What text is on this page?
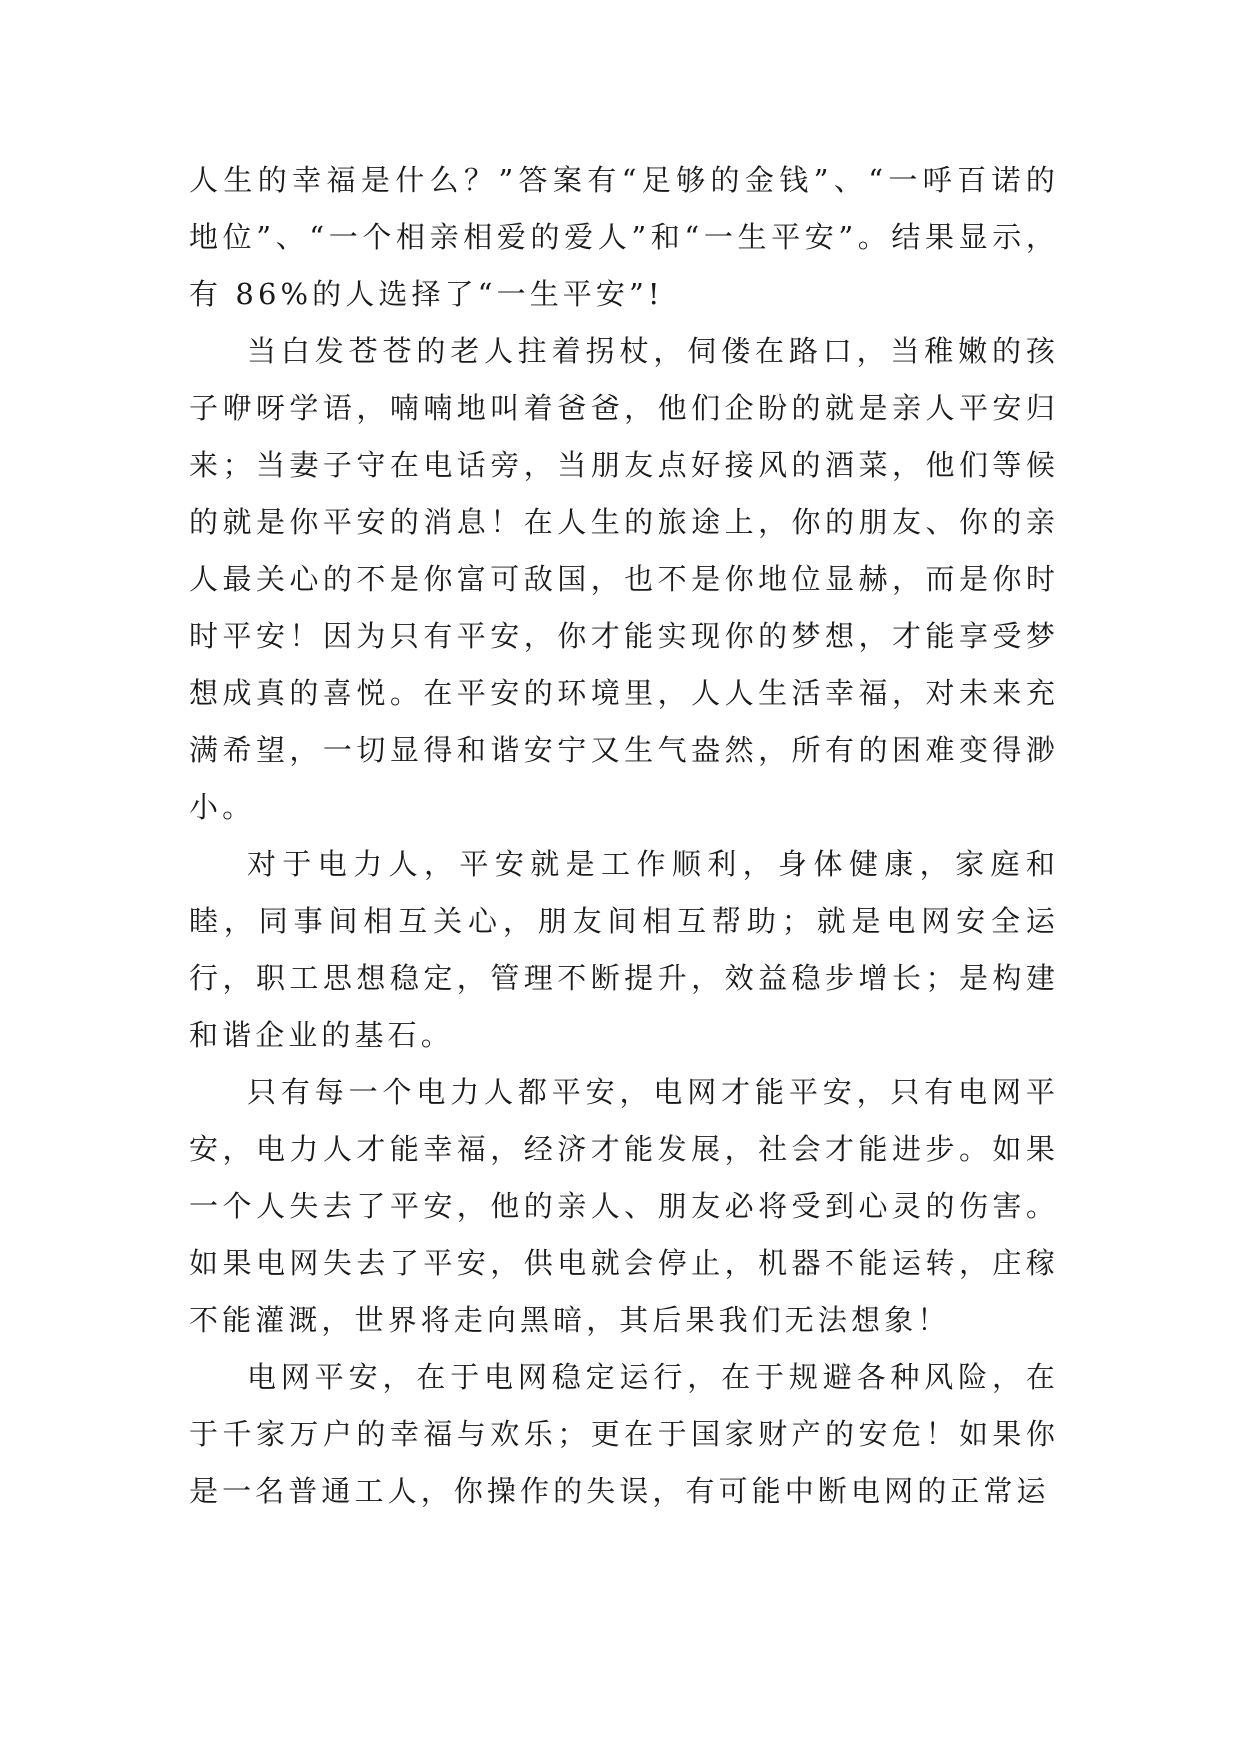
人生的幸福是什么？”答案有“足够的金钱”、“一呼百诺的地位”、“一个相亲相爱的爱人”和“一生平安”。结果显示，有 86%的人选择了“一生平安”!

当白发苍苍的老人拄着拐杖，伺偻在路口，当稚嫩的孩子咿呀学语，喃喃地叫着爸爸，他们企盼的就是亲人平安归来；当妻子守在电话旁，当朋友点好接风的酒菜，他们等候的就是你平安的消息！在人生的旅途上，你的朋友、你的亲人最关心的不是你富可敌国，也不是你地位显赫，而是你时时平安！因为只有平安，你才能实现你的梦想，才能享受梦想成真的喜悦。在平安的环境里，人人生活幸福，对未来充满希望，一切显得和谐安宁又生气盎然，所有的困难变得渺小。

对于电力人，平安就是工作顺利，身体健康，家庭和睦，同事间相互关心，朋友间相互帮助；就是电网安全运行，职工思想稳定，管理不断提升，效益稳步增长；是构建和谐企业的基石。

只有每一个电力人都平安，电网才能平安，只有电网平安，电力人才能幸福，经济才能发展，社会才能进步。如果一个人失去了平安，他的亲人、朋友必将受到心灵的伤害。如果电网失去了平安，供电就会停止，机器不能运转，庄稼不能灌溉，世界将走向黑暗，其后果我们无法想象！

电网平安，在于电网稳定运行，在于规避各种风险，在于千家万户的幸福与欢乐；更在于国家财产的安危！如果你是一名普通工人，你操作的失误，有可能中断电网的正常运
